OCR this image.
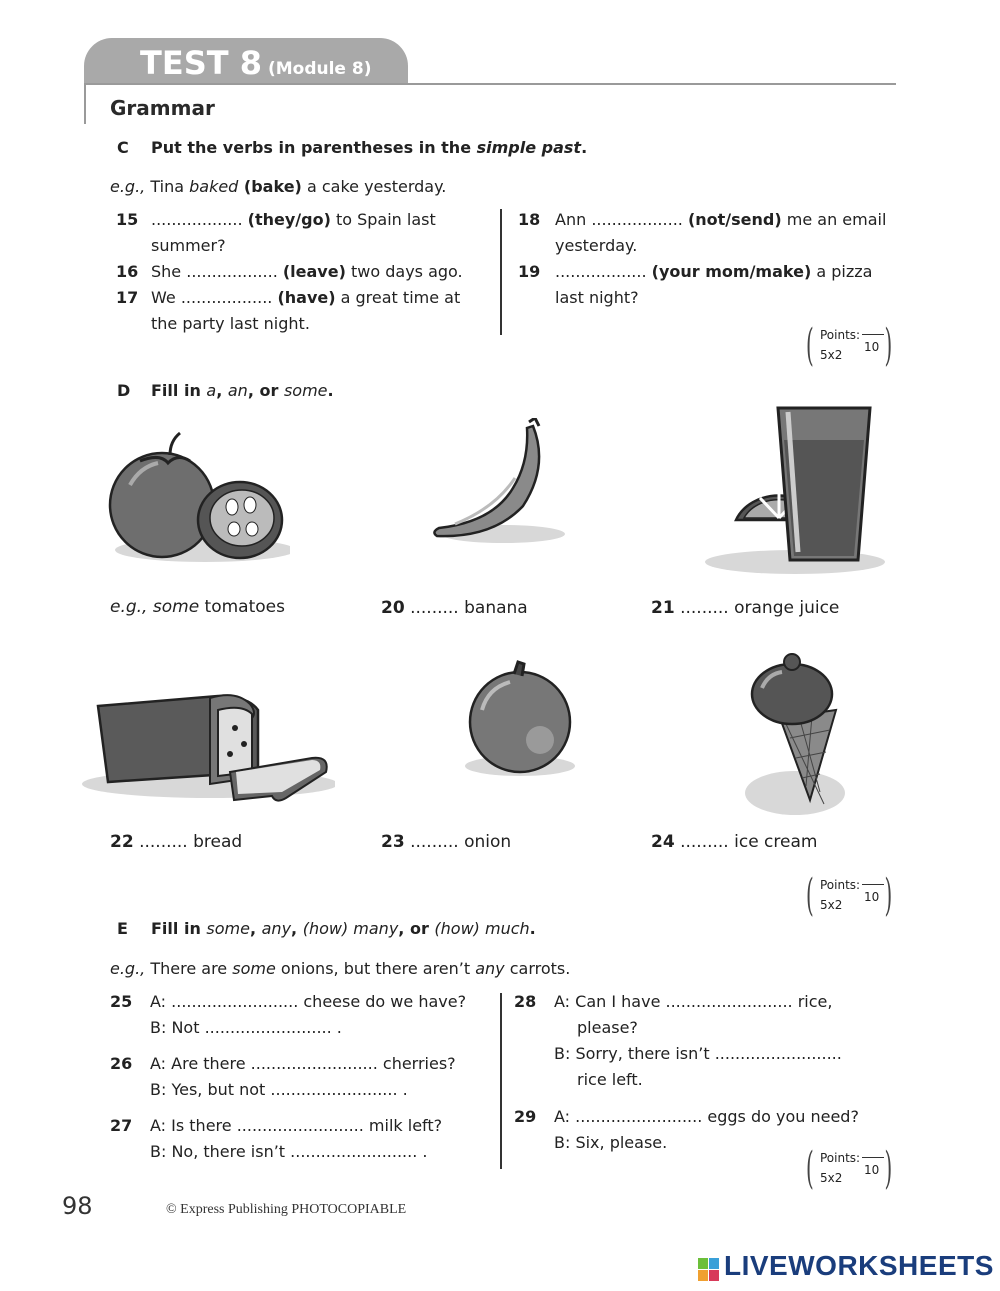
TEST 8 (Module 8)
Grammar
C Put the verbs in parentheses in the simple past.
e.g., Tina baked (bake) a cake yesterday.
15 .................. (they/go) to Spain last
summer?
16 She .................. (leave) two days ago.
17 We .................. (have) a great time at
the party last night.
18 Ann .................. (not/send) me an email
yesterday.
19 .................. (your mom/make) a pizza
last night?
( )
Points:
5x2
10
D Fill in a, an, or some.
e.g., some tomatoes	20 ......... banana	21 ......... orange juice
22 ......... bread	23 ......... onion	24 ......... ice cream
( )
Points:
5x2
10
E Fill in some, any, (how) many, or (how) much.
e.g., There are some onions, but there aren’t any carrots.
25 A: ......................... cheese do we have?
B: Not ......................... .
26 A: Are there ......................... cherries?
B: Yes, but not ......................... .
27 A: Is there ......................... milk left?
B: No, there isn’t ......................... .
28 A: Can I have ......................... rice,
please?
B: Sorry, there isn’t .........................
rice left.
29 A: ......................... eggs do you need?
B: Six, please.
( )
Points:
5x2
10
98	© Express Publishing PHOTOCOPIABLE
LIVEWORKSHEETS
